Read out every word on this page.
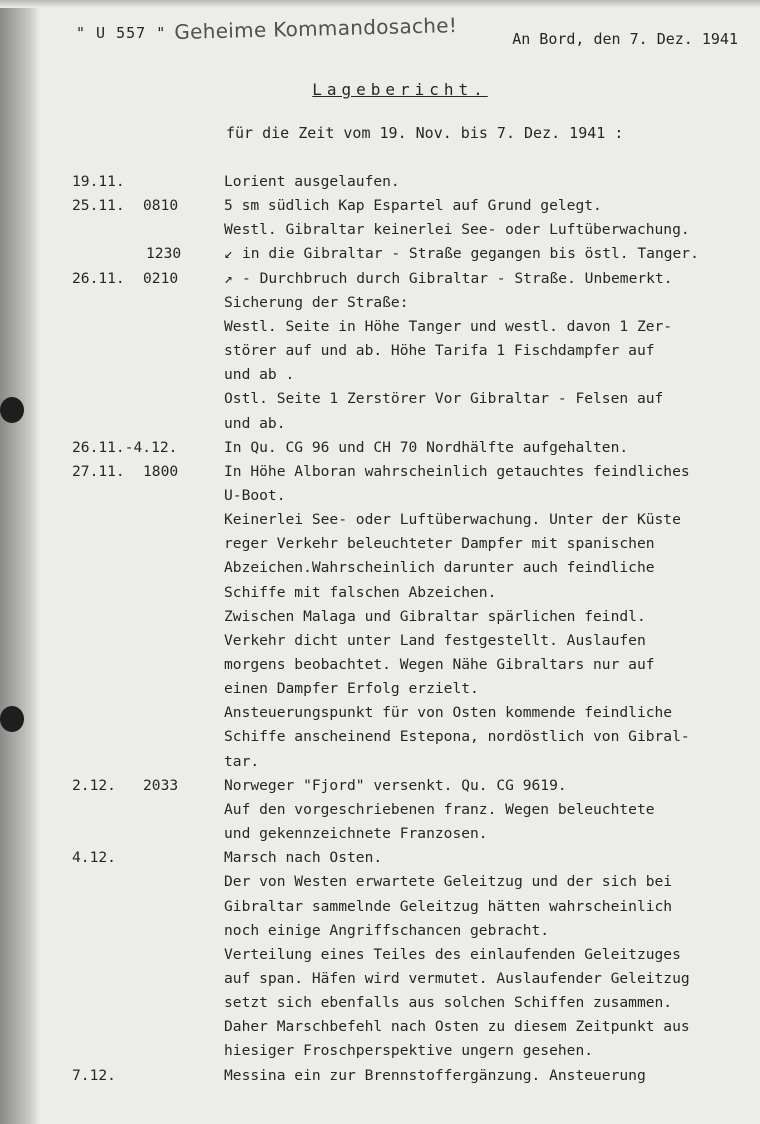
" U 557 " Geheime Kommandosache!	An Bord, den 7. Dez. 1941
Lagebericht.
für die Zeit vom 19. Nov. bis 7. Dez. 1941 :
19.11.	Lorient ausgelaufen.
25.11. 0810	5 sm südlich Kap Espartel auf Grund gelegt.
Westl. Gibraltar keinerlei See- oder Luftüberwachung.
1230	↙ in die Gibraltar - Straße gegangen bis östl. Tanger.
26.11. 0210	↗ - Durchbruch durch Gibraltar - Straße. Unbemerkt.
Sicherung der Straße:
Westl. Seite in Höhe Tanger und westl. davon 1 Zer-
störer auf und ab. Höhe Tarifa 1 Fischdampfer auf
und ab .
Ostl. Seite 1 Zerstörer Vor Gibraltar - Felsen auf
und ab.
26.11.-4.12.	In Qu. CG 96 und CH 70 Nordhälfte aufgehalten.
27.11. 1800	In Höhe Alboran wahrscheinlich getauchtes feindliches
U-Boot.
Keinerlei See- oder Luftüberwachung. Unter der Küste
reger Verkehr beleuchteter Dampfer mit spanischen
Abzeichen.Wahrscheinlich darunter auch feindliche
Schiffe mit falschen Abzeichen.
Zwischen Malaga und Gibraltar spärlichen feindl.
Verkehr dicht unter Land festgestellt. Auslaufen
morgens beobachtet. Wegen Nähe Gibraltars nur auf
einen Dampfer Erfolg erzielt.
Ansteuerungspunkt für von Osten kommende feindliche
Schiffe anscheinend Estepona, nordöstlich von Gibral-
tar.
2.12. 2033	Norweger "Fjord" versenkt. Qu. CG 9619.
Auf den vorgeschriebenen franz. Wegen beleuchtete
und gekennzeichnete Franzosen.
4.12.	Marsch nach Osten.
Der von Westen erwartete Geleitzug und der sich bei
Gibraltar sammelnde Geleitzug hätten wahrscheinlich
noch einige Angriffschancen gebracht.
Verteilung eines Teiles des einlaufenden Geleitzuges
auf span. Häfen wird vermutet. Auslaufender Geleitzug
setzt sich ebenfalls aus solchen Schiffen zusammen.
Daher Marschbefehl nach Osten zu diesem Zeitpunkt aus
hiesiger Froschperspektive ungern gesehen.
7.12.	Messina ein zur Brennstoffergänzung. Ansteuerung
